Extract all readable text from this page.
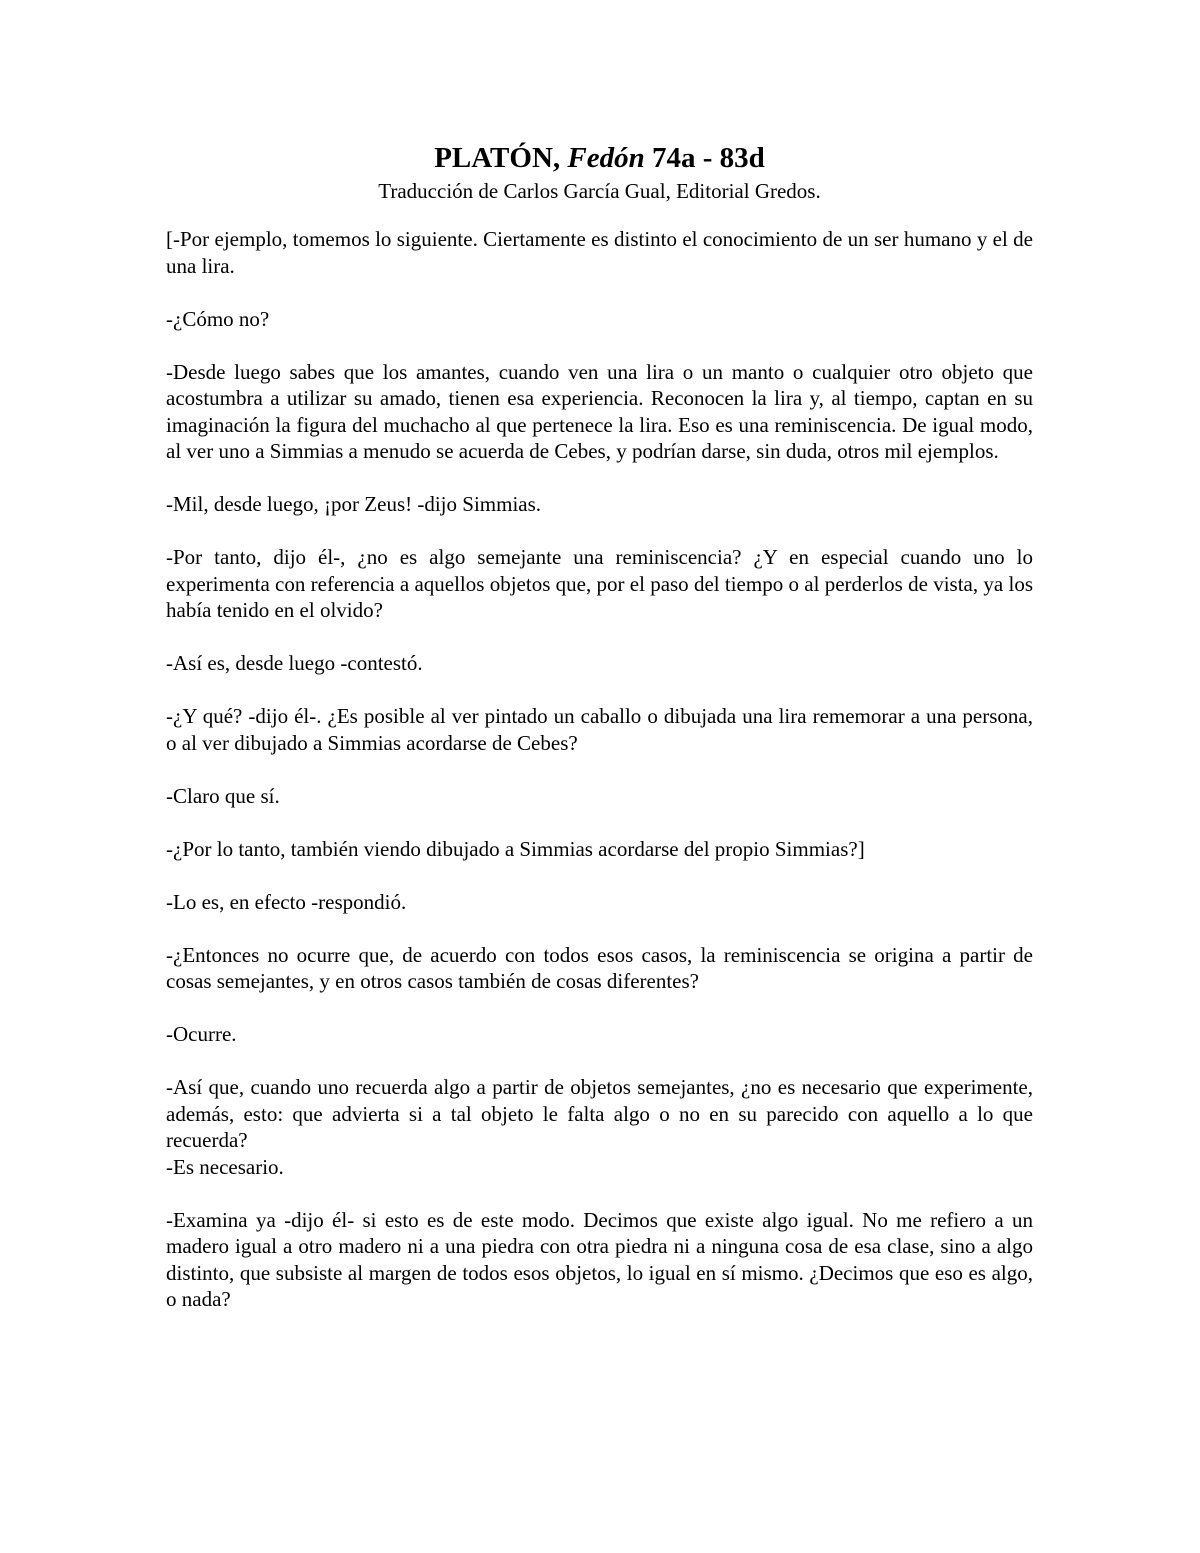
PLATÓN, Fedón 74a - 83d

Traducción de Carlos García Gual, Editorial Gredos.

[-Por ejemplo, tomemos lo siguiente. Ciertamente es distinto el conocimiento de un ser humano y el de una lira.

-¿Cómo no?

-Desde luego sabes que los amantes, cuando ven una lira o un manto o cualquier otro objeto que acostumbra a utilizar su amado, tienen esa experiencia. Reconocen la lira y, al tiempo, captan en su imaginación la figura del muchacho al que pertenece la lira. Eso es una reminiscencia. De igual modo, al ver uno a Simmias a menudo se acuerda de Cebes, y podrían darse, sin duda, otros mil ejemplos.

-Mil, desde luego, ¡por Zeus! -dijo Simmias.

-Por tanto, dijo él-, ¿no es algo semejante una reminiscencia? ¿Y en especial cuando uno lo experimenta con referencia a aquellos objetos que, por el paso del tiempo o al perderlos de vista, ya los había tenido en el olvido?

-Así es, desde luego -contestó.

-¿Y qué? -dijo él-. ¿Es posible al ver pintado un caballo o dibujada una lira rememorar a una persona, o al ver dibujado a Simmias acordarse de Cebes?

-Claro que sí.

-¿Por lo tanto, también viendo dibujado a Simmias acordarse del propio Simmias?]

-Lo es, en efecto -respondió.

-¿Entonces no ocurre que, de acuerdo con todos esos casos, la reminiscencia se origina a partir de cosas semejantes, y en otros casos también de cosas diferentes?

-Ocurre.

-Así que, cuando uno recuerda algo a partir de objetos semejantes, ¿no es necesario que experimente, además, esto: que advierta si a tal objeto le falta algo o no en su parecido con aquello a lo que recuerda?

-Es necesario.

-Examina ya -dijo él- si esto es de este modo. Decimos que existe algo igual. No me refiero a un madero igual a otro madero ni a una piedra con otra piedra ni a ninguna cosa de esa clase, sino a algo distinto, que subsiste al margen de todos esos objetos, lo igual en sí mismo. ¿Decimos que eso es algo, o nada?
